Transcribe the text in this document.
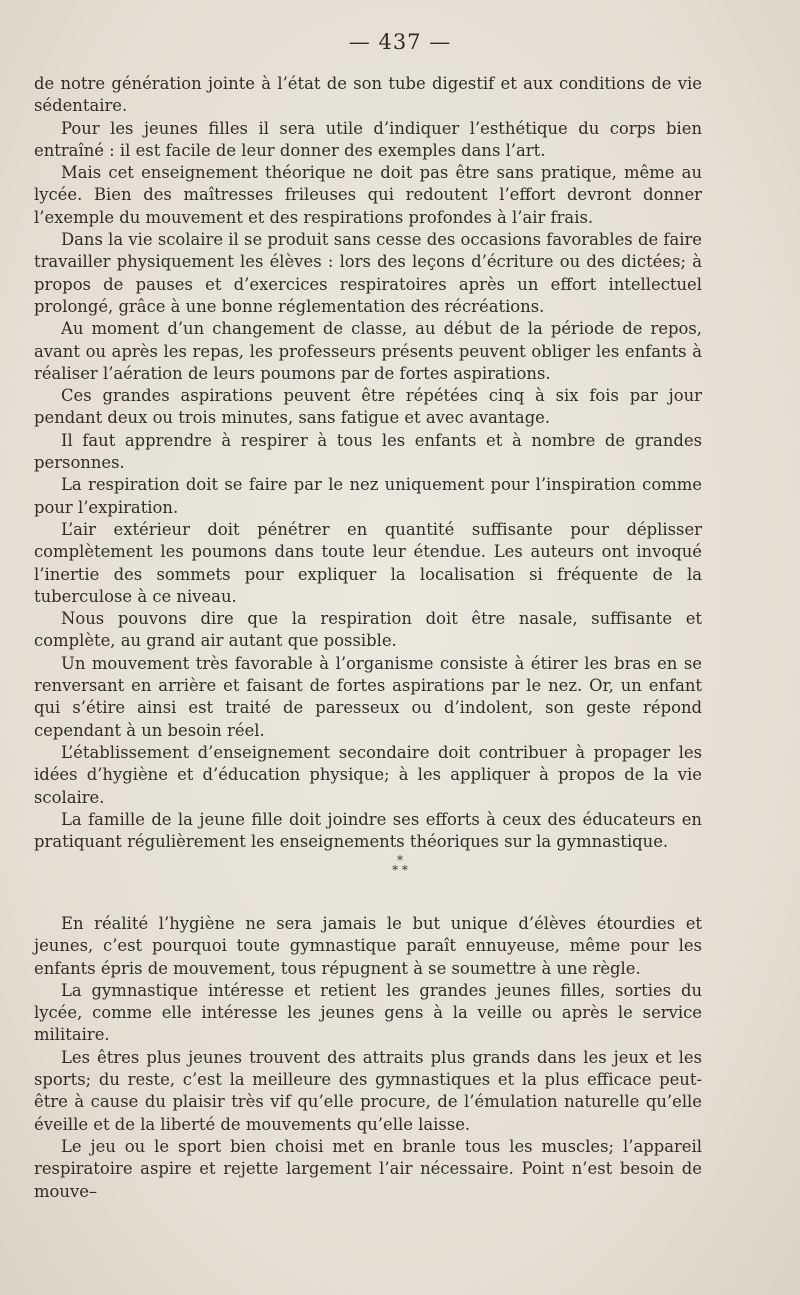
— 437 —

de notre génération jointe à l’état de son tube digestif et aux conditions de vie sédentaire.

Pour les jeunes filles il sera utile d’indiquer l’esthétique du corps bien entraîné : il est facile de leur donner des exemples dans l’art.

Mais cet enseignement théorique ne doit pas être sans pratique, même au lycée. Bien des maîtresses frileuses qui redoutent l’effort devront donner l’exemple du mouvement et des respirations profondes à l’air frais.

Dans la vie scolaire il se produit sans cesse des occasions favorables de faire travailler physiquement les élèves : lors des leçons d’écriture ou des dictées; à propos de pauses et d’exercices respiratoires après un effort intellectuel prolongé, grâce à une bonne réglementation des récréations.

Au moment d’un changement de classe, au début de la période de repos, avant ou après les repas, les professeurs présents peuvent obliger les enfants à réaliser l’aération de leurs poumons par de fortes aspirations.

Ces grandes aspirations peuvent être répétées cinq à six fois par jour pendant deux ou trois minutes, sans fatigue et avec avantage.

Il faut apprendre à respirer à tous les enfants et à nombre de grandes personnes.

La respiration doit se faire par le nez uniquement pour l’inspiration comme pour l’expiration.

L’air extérieur doit pénétrer en quantité suffisante pour déplisser complètement les poumons dans toute leur étendue. Les auteurs ont invoqué l’inertie des sommets pour expliquer la localisation si fréquente de la tuberculose à ce niveau.

Nous pouvons dire que la respiration doit être nasale, suffisante et complète, au grand air autant que possible.

Un mouvement très favorable à l’organisme consiste à étirer les bras en se renversant en arrière et faisant de fortes aspirations par le nez. Or, un enfant qui s’étire ainsi est traité de paresseux ou d’indolent, son geste répond cependant à un besoin réel.

L’établissement d’enseignement secondaire doit contribuer à propager les idées d’hygiène et d’éducation physique; à les appliquer à propos de la vie scolaire.

La famille de la jeune fille doit joindre ses efforts à ceux des éducateurs en pratiquant régulièrement les enseignements théoriques sur la gymnastique.

*
* *

En réalité l’hygiène ne sera jamais le but unique d’élèves étourdies et jeunes, c’est pourquoi toute gymnastique paraît ennuyeuse, même pour les enfants épris de mouvement, tous répugnent à se soumettre à une règle.

La gymnastique intéresse et retient les grandes jeunes filles, sorties du lycée, comme elle intéresse les jeunes gens à la veille ou après le service militaire.

Les êtres plus jeunes trouvent des attraits plus grands dans les jeux et les sports; du reste, c’est la meilleure des gymnastiques et la plus efficace peut-être à cause du plaisir très vif qu’elle procure, de l’émulation naturelle qu’elle éveille et de la liberté de mouvements qu’elle laisse.

Le jeu ou le sport bien choisi met en branle tous les muscles; l’appareil respiratoire aspire et rejette largement l’air nécessaire. Point n’est besoin de mouve–
